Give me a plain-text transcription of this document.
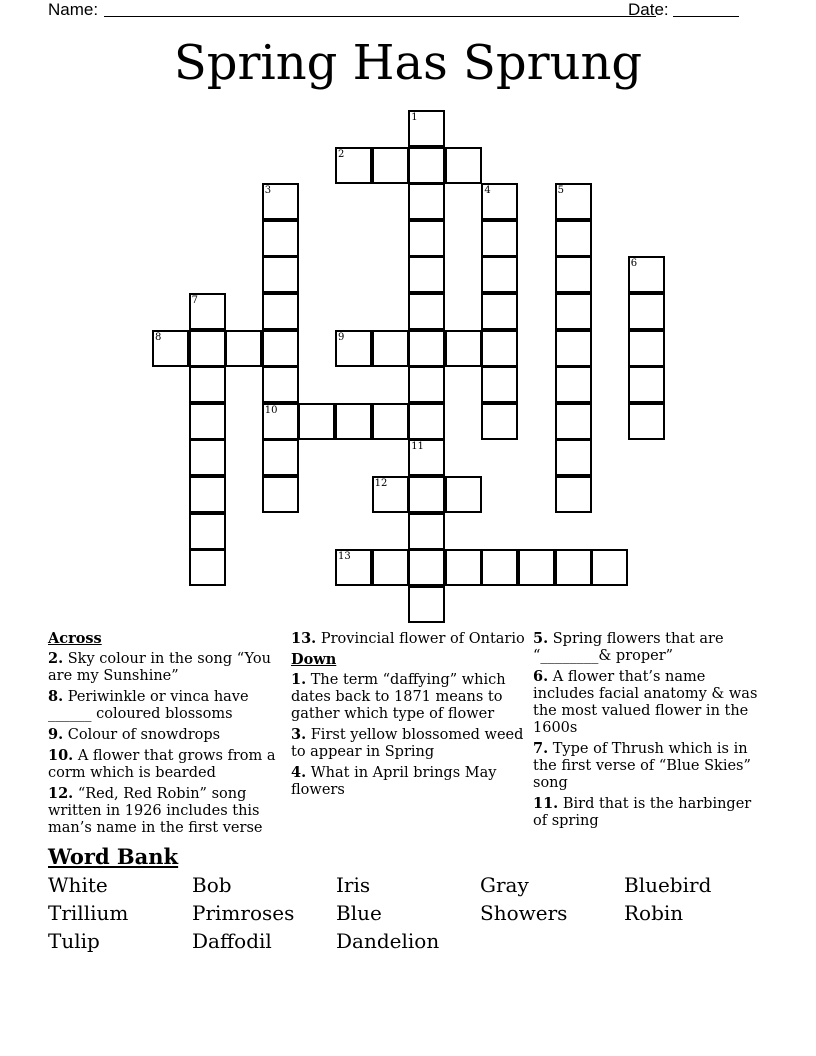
Name:	Date:
Spring Has Sprung
2
8	9
10
12
13
1
11
3	4	5
6
7
Across

2. Sky colour in the song “You are my Sunshine”

8. Periwinkle or vinca have ______ coloured blossoms

9. Colour of snowdrops

10. A flower that grows from a corm which is bearded

12. “Red, Red Robin” song written in 1926 includes this man’s name in the first verse

13. Provincial flower of Ontario

Down

1. The term “daffying” which dates back to 1871 means to gather which type of flower

3. First yellow blossomed weed to appear in Spring

4. What in April brings May flowers

5. Spring flowers that are “________& proper”

6. A flower that’s name includes facial anatomy & was the most valued flower in the 1600s

7. Type of Thrush which is in the first verse of “Blue Skies” song

11. Bird that is the harbinger of spring

Word Bank
White	Bob	Iris	Gray	Bluebird
Trillium	Primroses	Blue	Showers	Robin
Tulip	Daffodil	Dandelion
